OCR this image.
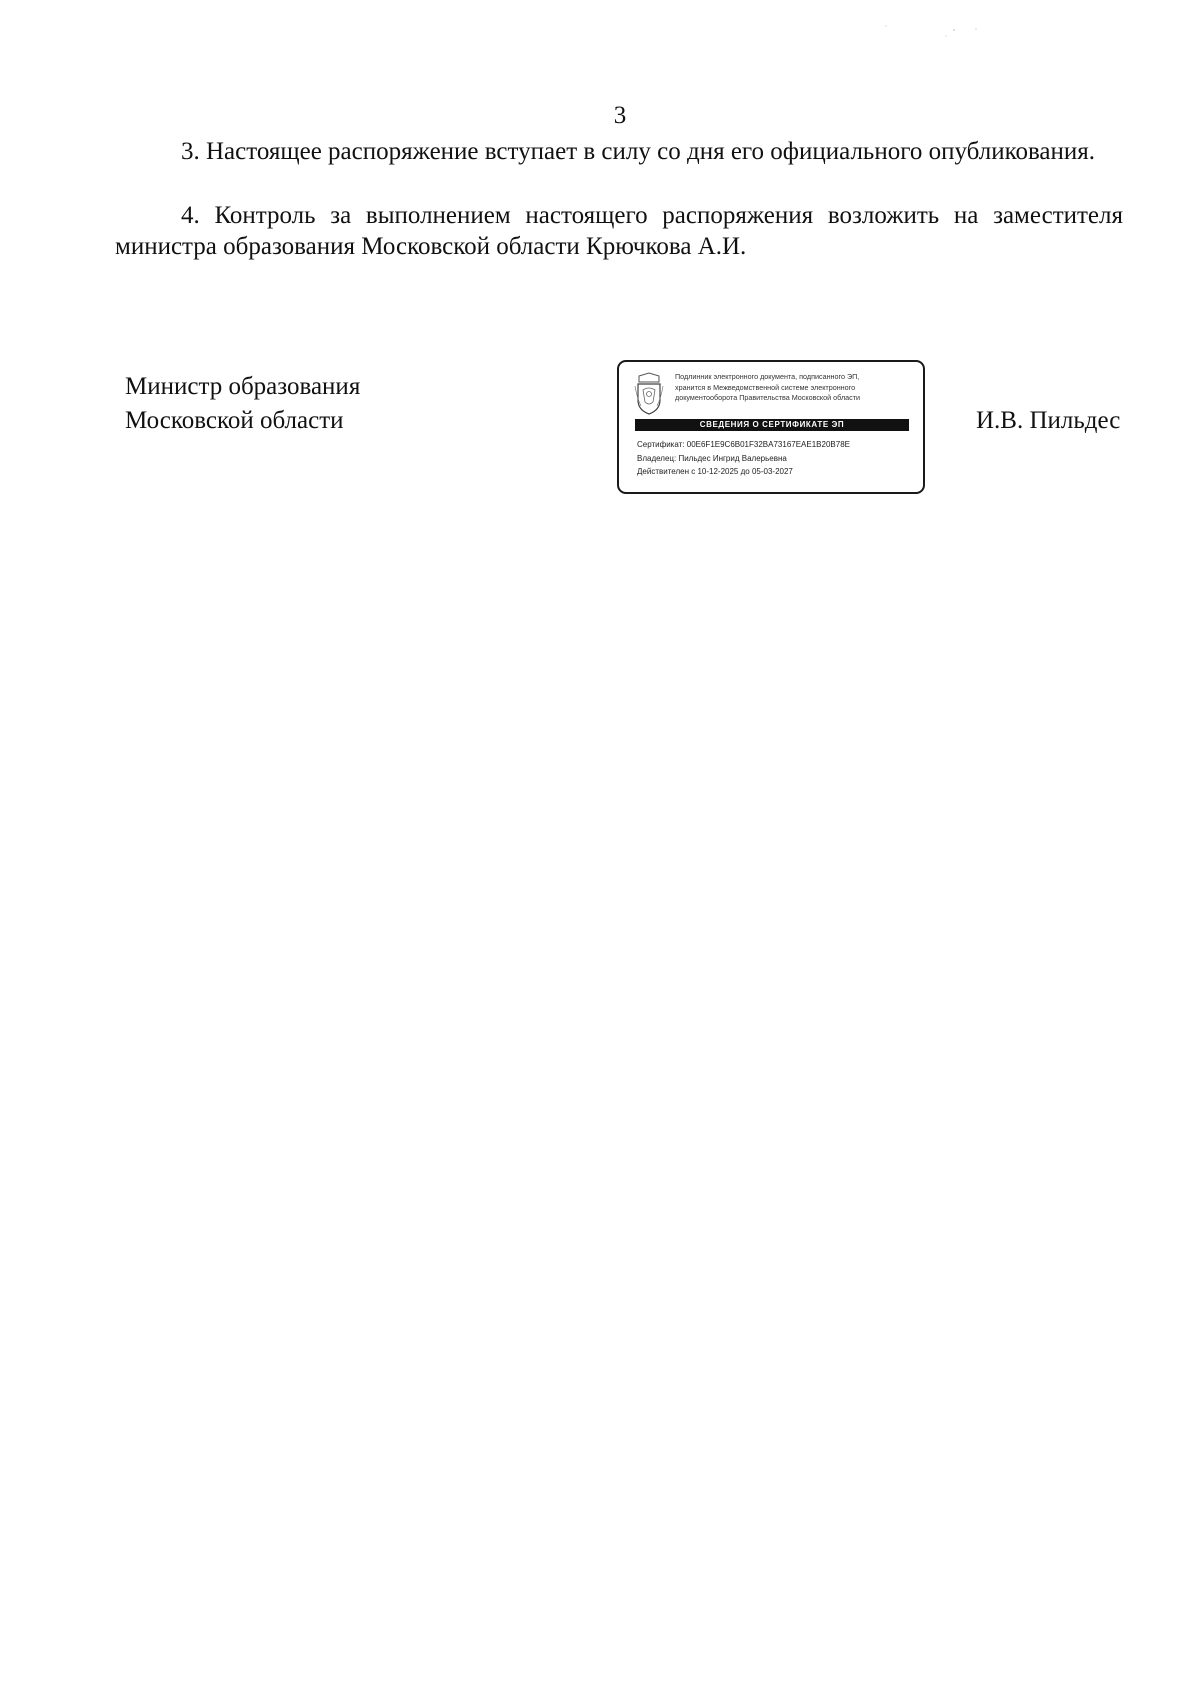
3
3. Настоящее распоряжение вступает в силу со дня его официального опубликования.
4. Контроль за выполнением настоящего распоряжения возложить на заместителя министра образования Московской области Крючкова А.И.
Министр образования
Московской области
Подлинник электронного документа, подписанного ЭП,
хранится в Межведомственной системе электронного
документооборота Правительства Московской области
СВЕДЕНИЯ О СЕРТИФИКАТЕ ЭП
Сертификат: 00E6F1E9C6B01F32BA73167EAE1B20B78E
Владелец: Пильдес Ингрид Валерьевна
Действителен с 10-12-2025 до 05-03-2027
И.В. Пильдес
